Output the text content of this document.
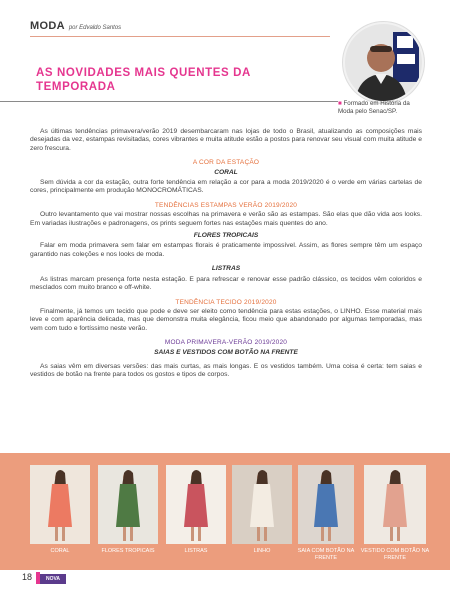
MODA por Edvaldo Santos
AS NOVIDADES MAIS QUENTES DA TEMPORADA
■ Formado em História da Moda pelo Senac/SP.

As últimas tendências primavera/verão 2019 desembarcaram nas lojas de todo o Brasil, atualizando as composições mais desejadas da vez, estampas revisitadas, cores vibrantes e muita atitude estão a postos para renovar seu visual com muita atitude e zero frescura.

A COR DA ESTAÇÃO
CORAL

Sem dúvida a cor da estação, outra forte tendência em relação a cor para a moda 2019/2020 é o verde em várias cartelas de cores, principalmente em produção MONOCROMÁTICAS.

TENDÊNCIAS ESTAMPAS VERÃO 2019/2020

Outro levantamento que vai mostrar nossas escolhas na primavera e verão são as estampas. São elas que dão vida aos looks. Em variadas ilustrações e padronagens, os prints seguem fortes nas estações mais quentes do ano.

FLORES TROPICAIS

Falar em moda primavera sem falar em estampas florais é praticamente impossível. Assim, as flores sempre têm um espaço garantido nas coleções e nos looks de moda.

LISTRAS

As listras marcam presença forte nesta estação. E para refrescar e renovar esse padrão clássico, os tecidos vêm coloridos e mesclados com muito branco e off-white.

TENDÊNCIA TECIDO 2019/2020

Finalmente, já temos um tecido que pode e deve ser eleito como tendência para estas estações, o LINHO. Esse material mais leve e com aparência delicada, mas que demonstra muita elegância, ficou meio que abandonado por algumas temporadas, mas vem com tudo e fortíssimo neste verão.

MODA PRIMAVERA-VERÃO 2019/2020
SAIAS E VESTIDOS COM BOTÃO NA FRENTE

As saias vêm em diversas versões: das mais curtas, as mais longas. E os vestidos também. Uma coisa é certa: tem saias e vestidos de botão na frente para todos os gostos e tipos de corpos.

CORAL	FLORES TROPICAIS	LISTRAS	LINHO	SAIA COM BOTÃO NA FRENTE
VESTIDO COM BOTÃO NA FRENTE
18	NOVA
